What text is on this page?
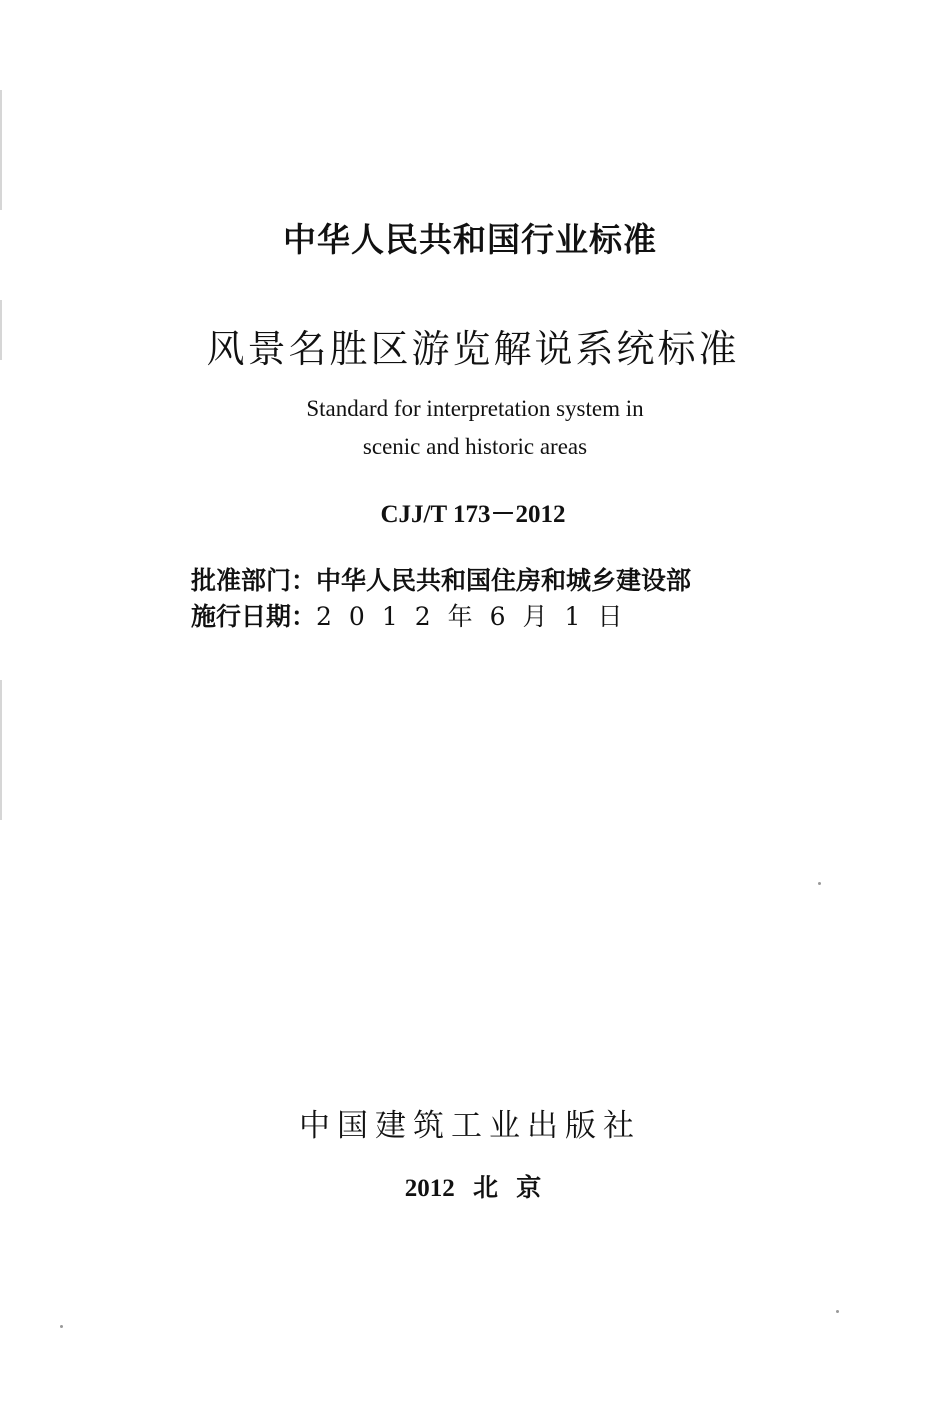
中华人民共和国行业标准
风景名胜区游览解说系统标准
Standard for interpretation system in
scenic and historic areas
CJJ/T 173－2012
批准部门：中华人民共和国住房和城乡建设部
施行日期：2012年6月1日
中国建筑工业出版社
2012 北 京
